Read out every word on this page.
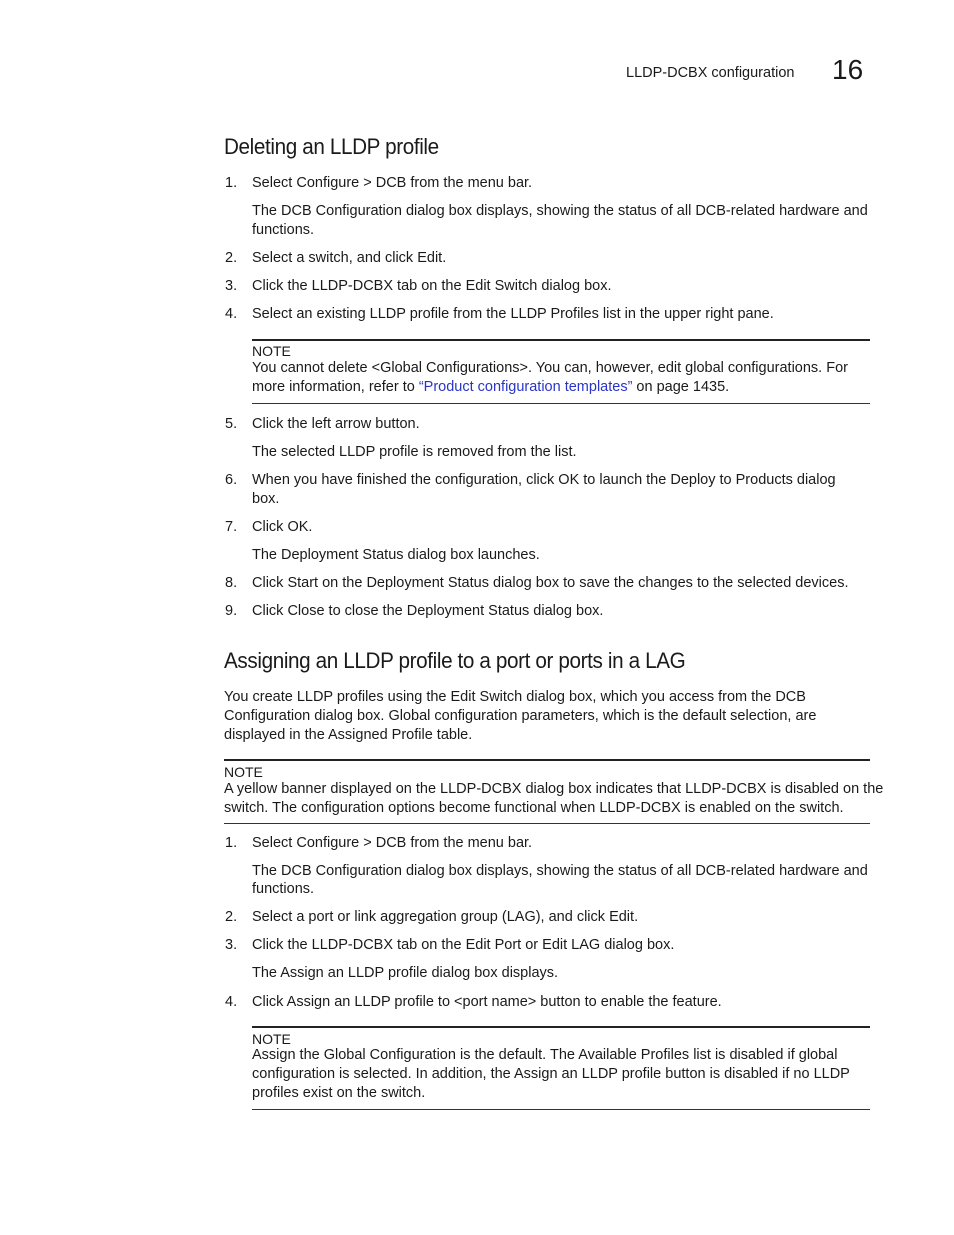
LLDP-DCBX configuration 16
Deleting an LLDP profile
1. Select Configure > DCB from the menu bar.
The DCB Configuration dialog box displays, showing the status of all DCB-related hardware and
functions.
2. Select a switch, and click Edit.
3. Click the LLDP-DCBX tab on the Edit Switch dialog box.
4. Select an existing LLDP profile from the LLDP Profiles list in the upper right pane.
NOTE
You cannot delete <Global Configurations>. You can, however, edit global configurations. For
more information, refer to “Product configuration templates” on page 1435.
5. Click the left arrow button.
The selected LLDP profile is removed from the list.
6. When you have finished the configuration, click OK to launch the Deploy to Products dialog
box.
7. Click OK.
The Deployment Status dialog box launches.
8. Click Start on the Deployment Status dialog box to save the changes to the selected devices.
9. Click Close to close the Deployment Status dialog box.
Assigning an LLDP profile to a port or ports in a LAG
You create LLDP profiles using the Edit Switch dialog box, which you access from the DCB
Configuration dialog box. Global configuration parameters, which is the default selection, are
displayed in the Assigned Profile table.
NOTE
A yellow banner displayed on the LLDP-DCBX dialog box indicates that LLDP-DCBX is disabled on the
switch. The configuration options become functional when LLDP-DCBX is enabled on the switch.
1. Select Configure > DCB from the menu bar.
The DCB Configuration dialog box displays, showing the status of all DCB-related hardware and
functions.
2. Select a port or link aggregation group (LAG), and click Edit.
3. Click the LLDP-DCBX tab on the Edit Port or Edit LAG dialog box.
The Assign an LLDP profile dialog box displays.
4. Click Assign an LLDP profile to <port name> button to enable the feature.
NOTE
Assign the Global Configuration is the default. The Available Profiles list is disabled if global
configuration is selected. In addition, the Assign an LLDP profile button is disabled if no LLDP
profiles exist on the switch.
